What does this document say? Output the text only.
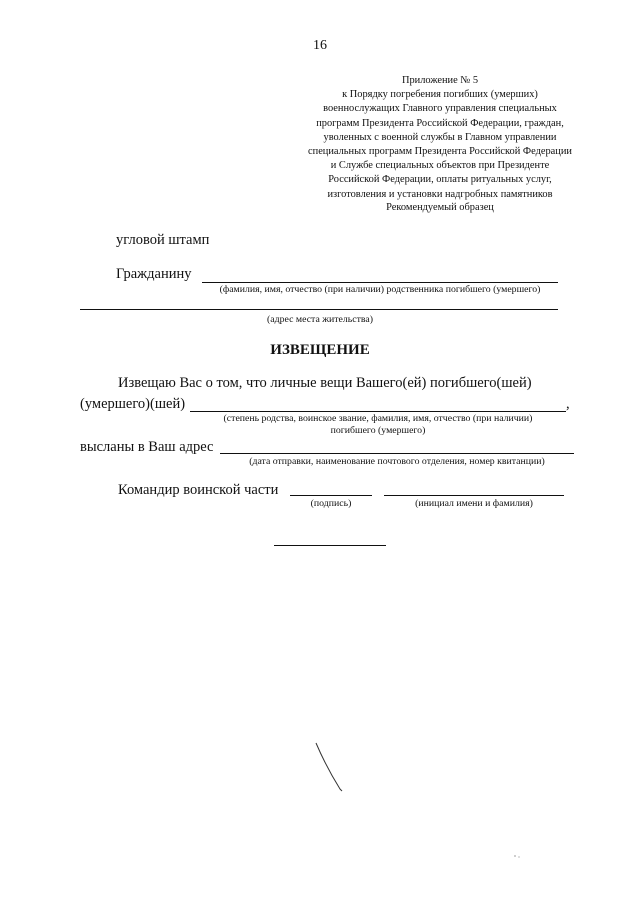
16
Приложение № 5
к Порядку погребения погибших (умерших)
военнослужащих Главного управления специальных
программ Президента Российской Федерации, граждан,
уволенных с военной службы в Главном управлении
специальных программ Президента Российской Федерации
и Службе специальных объектов при Президенте
Российской Федерации, оплаты ритуальных услуг,
изготовления и установки надгробных памятников
Рекомендуемый образец
угловой штамп
Гражданину
(фамилия, имя, отчество (при наличии) родственника погибшего (умершего)
(адрес места жительства)
ИЗВЕЩЕНИЕ
Извещаю Вас о том, что личные вещи Вашего(ей) погибшего(шей)
(умершего)(шей)	,
(степень родства, воинское звание, фамилия, имя, отчество (при наличии)
погибшего (умершего)
высланы в Ваш адрес
(дата отправки, наименование почтового отделения, номер квитанции)
Командир воинской части
(подпись)	(инициал имени и фамилия)
